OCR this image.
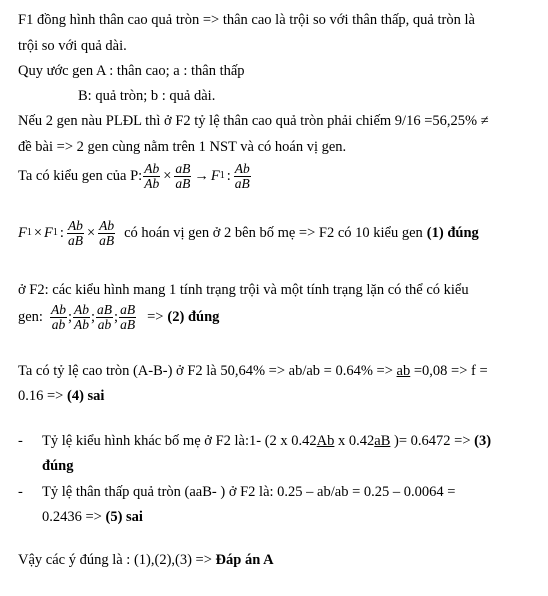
F1 đồng hình thân cao quả tròn => thân cao là trội so với thân thấp, quả tròn là
trội so với quả dài.
Quy ước gen A : thân cao; a : thân thấp
B: quả tròn; b : quả dài.
Nếu 2 gen nàu PLĐL thì ở F2 tỷ lệ thân cao quả tròn phải chiếm 9/16 =56,25% ≠
đề bài => 2 gen cùng nằm trên 1 NST và có hoán vị gen.
Ta có kiểu gen của P: $\frac{Ab}{Ab} \times \frac{aB}{aB} \to F$ 1 : $\frac{Ab}{aB}$
F 1 × F 1 : $\frac{Ab}{aB} \times \frac{Ab}{aB}$ có hoán vị gen ở 2 bên bố mẹ => F2 có 10 kiểu gen (1) đúng
ở F2: các kiểu hình mang 1 tính trạng trội và một tính trạng lặn có thể có kiểu
gen: $\frac{Ab}{ab}$ ; $\frac{Ab}{Ab}$ ; $\frac{aB}{ab}$ ; $\frac{aB}{aB} => (2)$ đúng
Ta có tỷ lệ cao tròn (A-B-) ở F2 là 50,64% => ab/ab = 0.64% => ab =0,08 => f =
0.16 => (4) sai
- Tỷ lệ kiểu hình khác bố mẹ ở F2 là:1- (2 x 0.42Ab x 0.42aB )= 0.6472 => (3)
đúng
- Tỷ lệ thân thấp quả tròn (aaB- ) ở F2 là: 0.25 – ab/ab = 0.25 – 0.0064 =
0.2436 => (5) sai
Vậy các ý đúng là : (1),(2),(3) => Đáp án A
